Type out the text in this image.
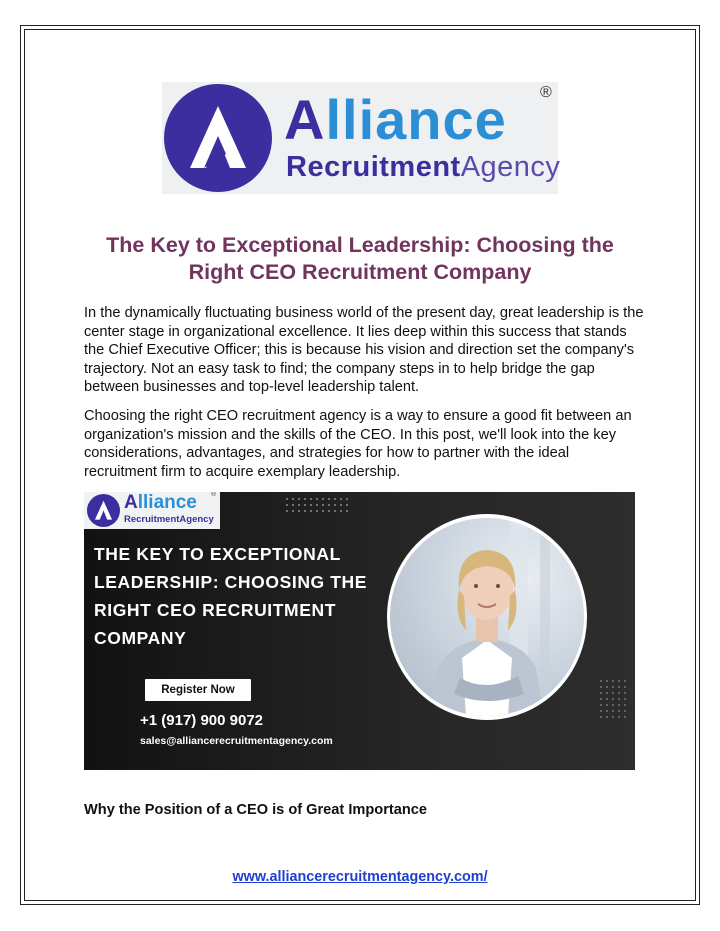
Alliance ®
RecruitmentAgency
The Key to Exceptional Leadership: Choosing the Right CEO Recruitment Company

In the dynamically fluctuating business world of the present day, great leadership is the center stage in organizational excellence. It lies deep within this success that stands the Chief Executive Officer; this is because his vision and direction set the company's trajectory. Not an easy task to find; the company steps in to help bridge the gap between businesses and top-level leadership talent.

Choosing the right CEO recruitment agency is a way to ensure a good fit between an organization's mission and the skills of the CEO. In this post, we'll look into the key considerations, advantages, and strategies for how to partner with the ideal recruitment firm to acquire exemplary leadership.

Alliance
RecruitmentAgency
®
THE KEY TO EXCEPTIONAL LEADERSHIP: CHOOSING THE RIGHT CEO RECRUITMENT COMPANY
Register Now
+1 (917) 900 9072
sales@alliancerecruitmentagency.com
Why the Position of a CEO is of Great Importance
www.alliancerecruitmentagency.com/
